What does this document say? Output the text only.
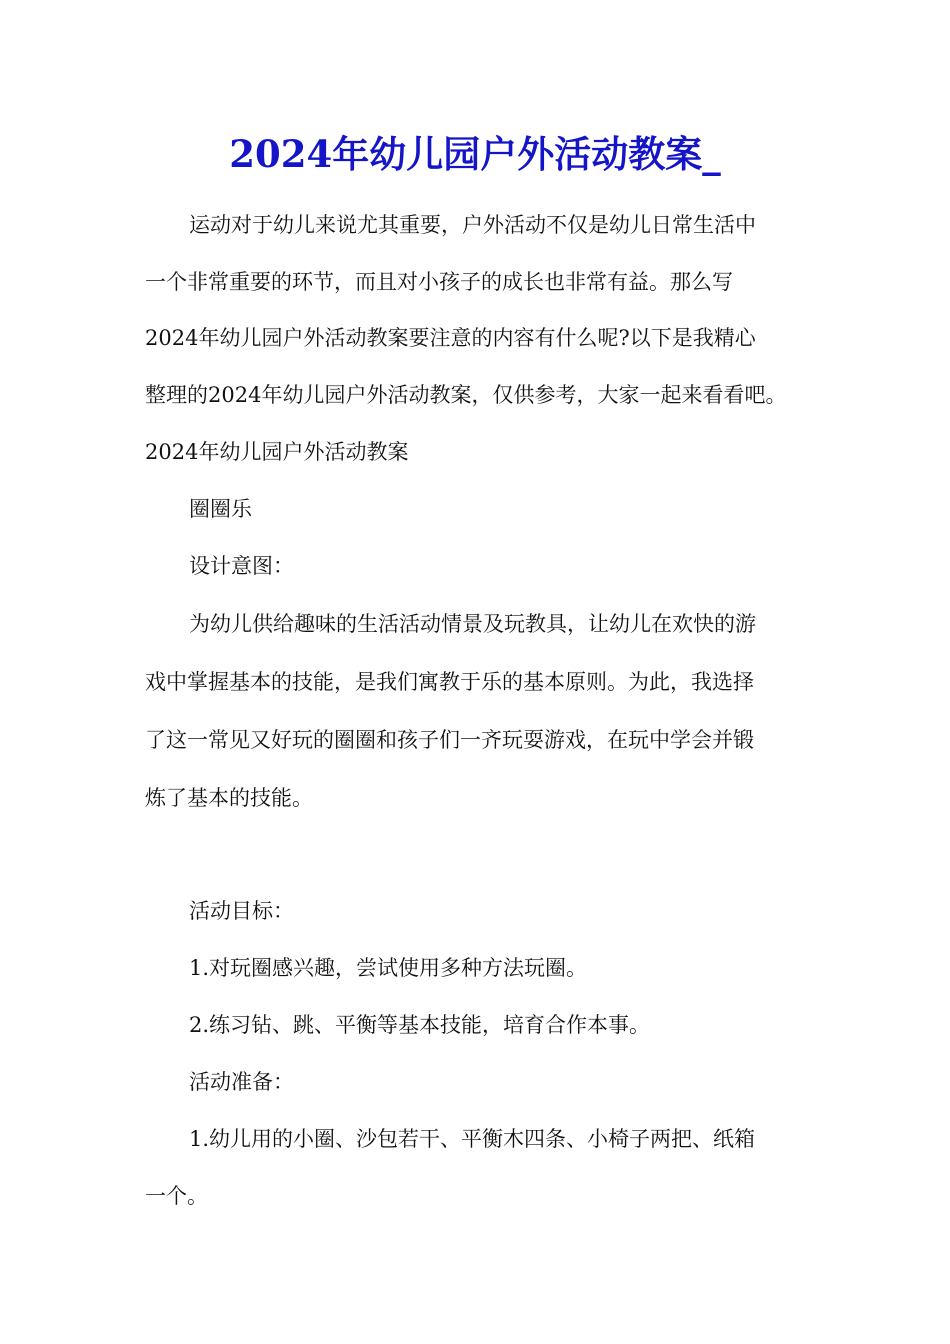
2024年幼儿园户外活动教案_
运动对于幼儿来说尤其重要，户外活动不仅是幼儿日常生活中
一个非常重要的环节，而且对小孩子的成长也非常有益。那么写
2024年幼儿园户外活动教案要注意的内容有什么呢?以下是我精心
整理的2024年幼儿园户外活动教案，仅供参考，大家一起来看看吧。
2024年幼儿园户外活动教案
圈圈乐
设计意图：
为幼儿供给趣味的生活活动情景及玩教具，让幼儿在欢快的游
戏中掌握基本的技能，是我们寓教于乐的基本原则。为此，我选择
了这一常见又好玩的圈圈和孩子们一齐玩耍游戏，在玩中学会并锻
炼了基本的技能。
活动目标：
1.对玩圈感兴趣，尝试使用多种方法玩圈。
2.练习钻、跳、平衡等基本技能，培育合作本事。
活动准备：
1.幼儿用的小圈、沙包若干、平衡木四条、小椅子两把、纸箱
一个。
